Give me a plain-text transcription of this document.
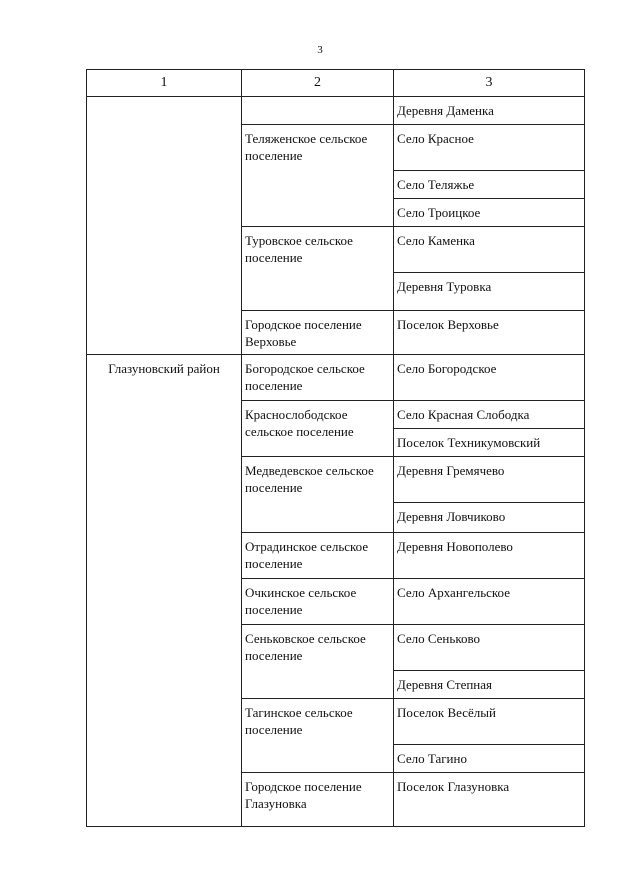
3
1	2	3
		Деревня Даменка
	Теляженское сельское поселение	Село Красное
		Село Теляжье
		Село Троицкое
	Туровское сельское поселение	Село Каменка
		Деревня Туровка
	Городское поселение Верховье	Поселок Верховье
Глазуновский район	Богородское сельское поселение	Село Богородское
	Краснослободское сельское поселение	Село Красная Слободка
		Поселок Техникумовский
	Медведевское сельское поселение	Деревня Гремячево
		Деревня Ловчиково
	Отрадинское сельское поселение	Деревня Новополево
	Очкинское сельское поселение	Село Архангельское
	Сеньковское сельское поселение	Село Сеньково
		Деревня Степная
	Тагинское сельское поселение	Поселок Весёлый
		Село Тагино
	Городское поселение Глазуновка	Поселок Глазуновка
